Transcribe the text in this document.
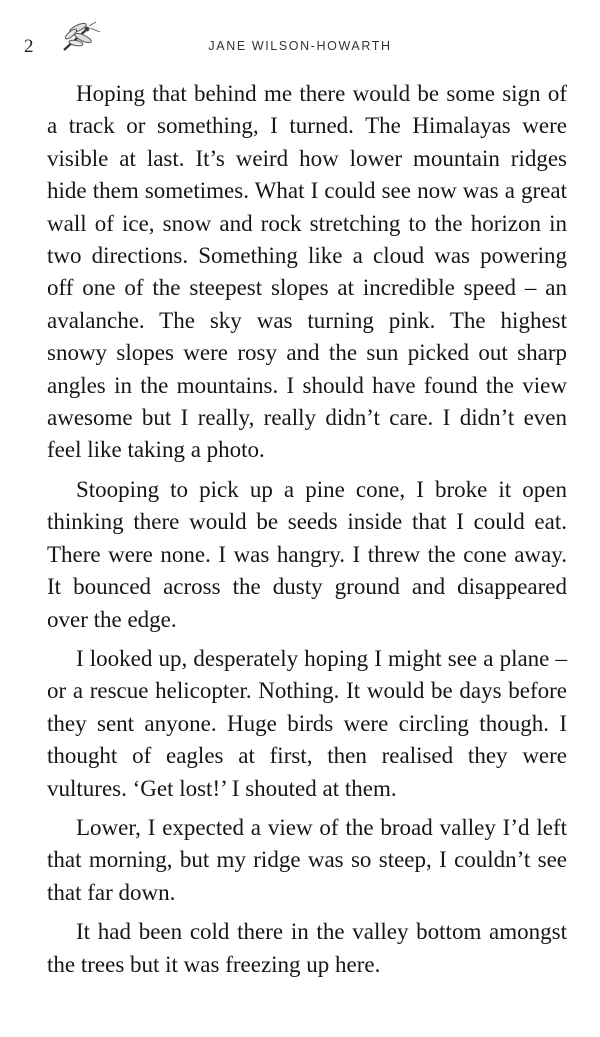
2	JANE WILSON-HOWARTH

Hoping that behind me there would be some sign of a track or something, I turned. The Himalayas were visible at last. It’s weird how lower mountain ridges hide them sometimes. What I could see now was a great wall of ice, snow and rock stretching to the horizon in two directions. Something like a cloud was powering off one of the steepest slopes at incredible speed – an avalanche. The sky was turning pink. The highest snowy slopes were rosy and the sun picked out sharp angles in the mountains. I should have found the view awesome but I really, really didn’t care. I didn’t even feel like taking a photo.

Stooping to pick up a pine cone, I broke it open thinking there would be seeds inside that I could eat. There were none. I was hangry. I threw the cone away. It bounced across the dusty ground and disappeared over the edge.

I looked up, desperately hoping I might see a plane – or a rescue helicopter. Nothing. It would be days before they sent anyone. Huge birds were circling though. I thought of eagles at first, then realised they were vultures. ‘Get lost!’ I shouted at them.

Lower, I expected a view of the broad valley I’d left that morning, but my ridge was so steep, I couldn’t see that far down.

It had been cold there in the valley bottom amongst the trees but it was freezing up here.
